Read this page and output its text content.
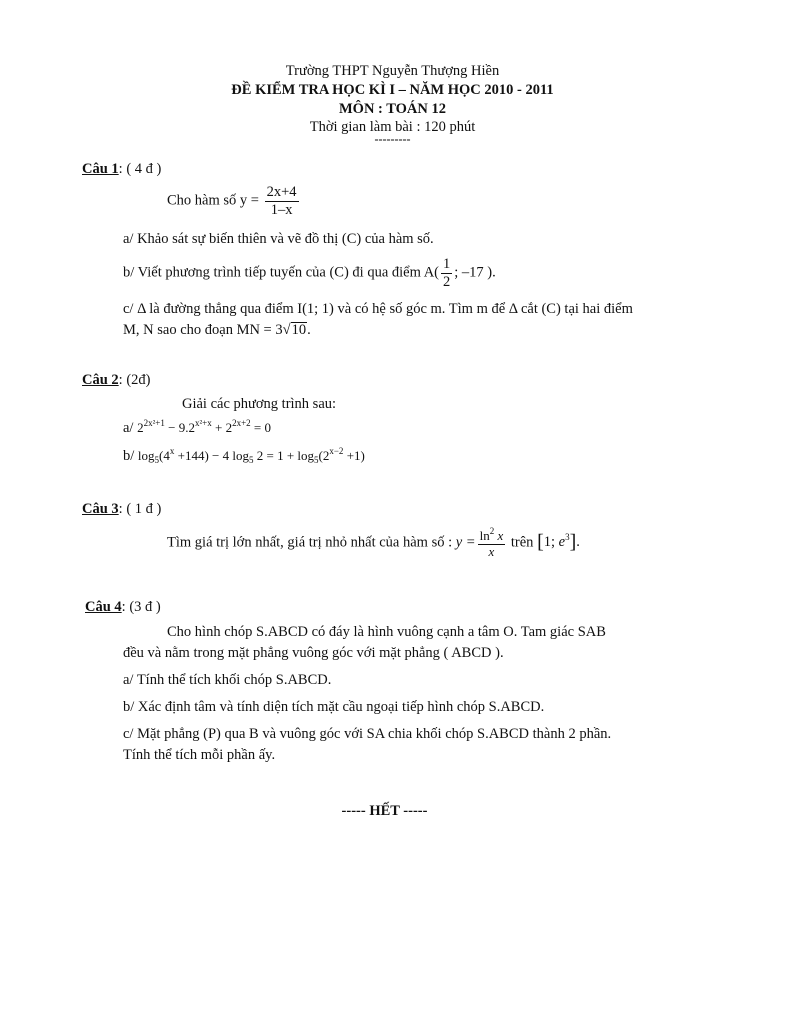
Trường THPT Nguyễn Thượng Hiền
ĐỀ KIỂM TRA HỌC KÌ I – NĂM HỌC 2010 - 2011
MÔN : TOÁN 12
Thời gian làm bài : 120 phút
---------
Câu 1: ( 4 đ )
Cho hàm số $y = \frac{2x+4}{1-x}$
a/ Khảo sát sự biến thiên và vẽ đồ thị (C) của hàm số.
b/ Viết phương trình tiếp tuyến của (C) đi qua điểm $A( \frac{1}{2}$ ; –17 ).
c/ Δ là đường thẳng qua điểm I(1; 1) và có hệ số góc m. Tìm m để Δ cắt (C) tại hai điểm
M, N sao cho đoạn MN = 3√10.
Câu 2: (2đ)
Giải các phương trình sau:
a/ $2^{2x^2+1} - 9.2^{x^2+x} + 2^{2x+2} = 0$
b/ $\log_5(4^x +144) - 4$ $\log_5 2 = 1 + \log_5(2^{x-2} +1)$
Câu 3: ( 1 đ )
Tìm giá trị lớn nhất, giá trị nhỏ nhất của hàm số : $y = \frac{\ln^2 x}{x}$ trên [1; $e^3$].
Câu 4: (3 đ )
Cho hình chóp S.ABCD có đáy là hình vuông cạnh a tâm O. Tam giác SAB
đều và nằm trong mặt phẳng vuông góc với mặt phẳng ( ABCD ).
a/ Tính thể tích khối chóp S.ABCD.
b/ Xác định tâm và tính diện tích mặt cầu ngoại tiếp hình chóp S.ABCD.
c/ Mặt phẳng (P) qua B và vuông góc với SA chia khối chóp S.ABCD thành 2 phần.
Tính thể tích mỗi phần ấy.
----- HẾT -----
